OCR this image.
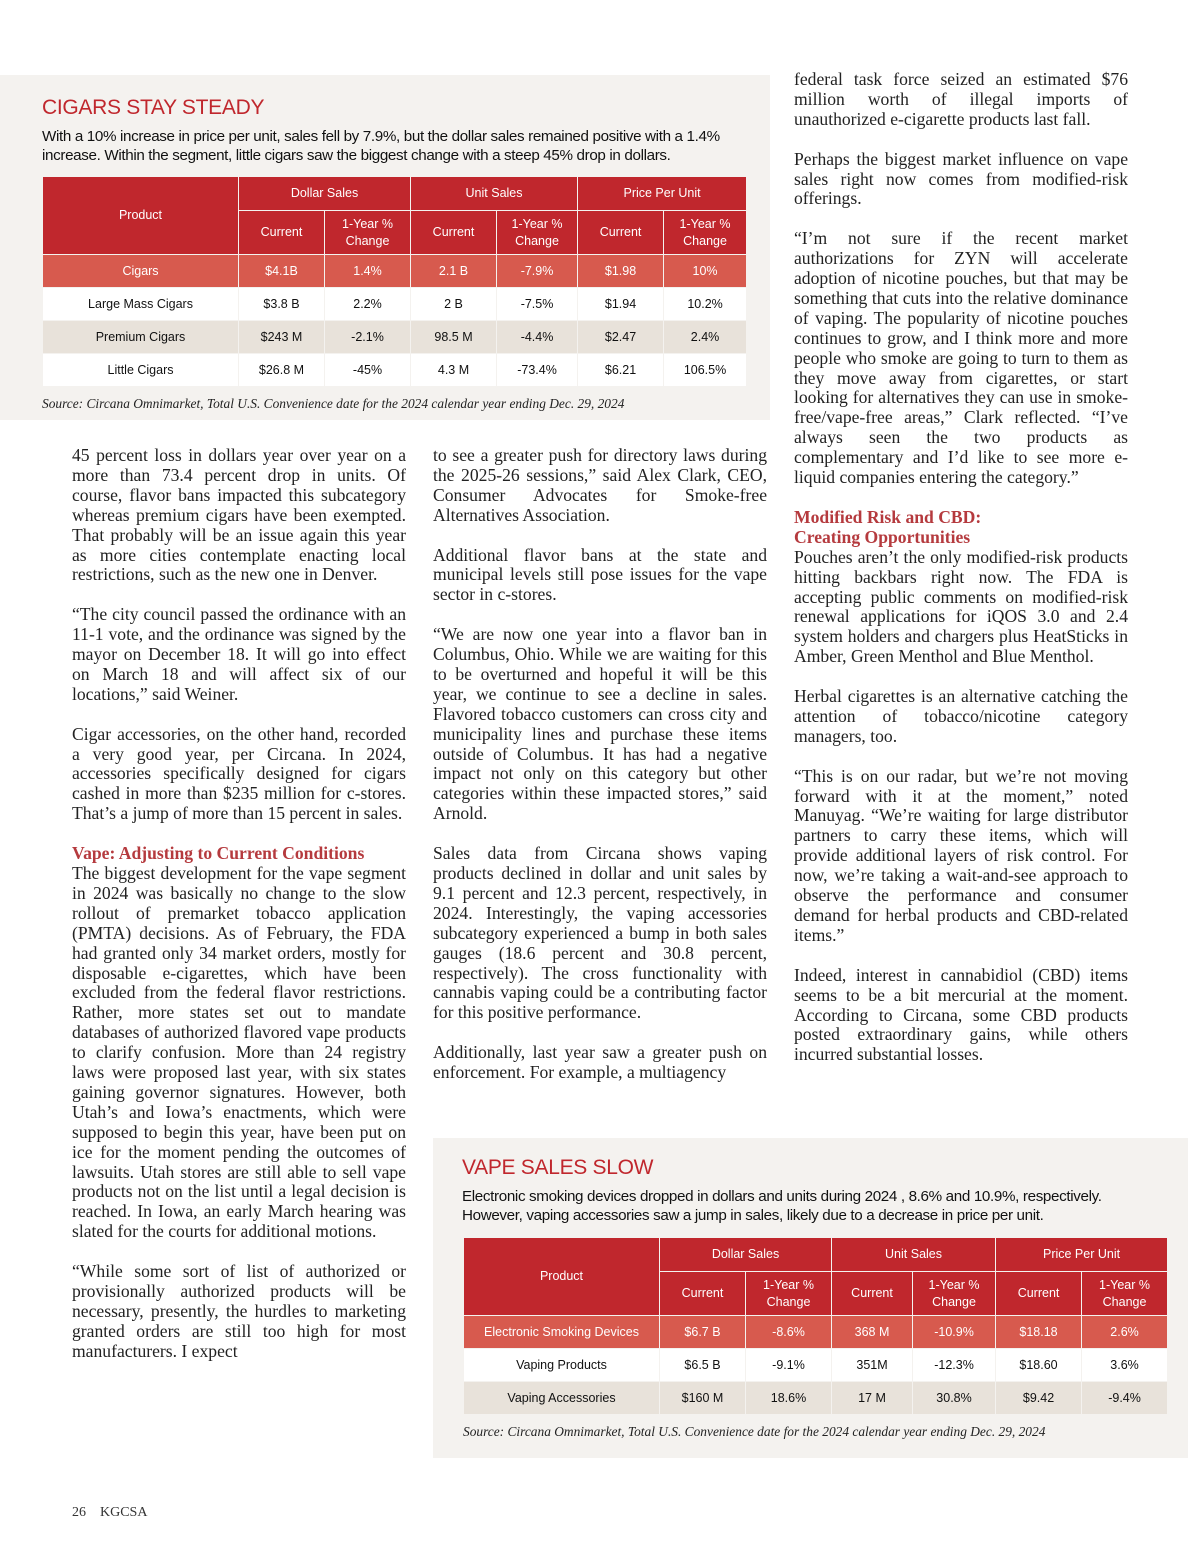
CIGARS STAY STEADY
With a 10% increase in price per unit, sales fell by 7.9%, but the dollar sales remained positive with a 1.4% increase. Within the segment, little cigars saw the biggest change with a steep 45% drop in dollars.
Product	Dollar Sales		Unit Sales		Price Per Unit	
	Current	1-Year % Change	Current	1-Year % Change	Current	1-Year % Change
Cigars	$4.1B	1.4%	2.1 B	-7.9%	$1.98	10%
Large Mass Cigars	$3.8 B	2.2%	2 B	-7.5%	$1.94	10.2%
Premium Cigars	$243 M	-2.1%	98.5 M	-4.4%	$2.47	2.4%
Little Cigars	$26.8 M	-45%	4.3 M	-73.4%	$6.21	106.5%
Source: Circana Omnimarket, Total U.S. Convenience date for the 2024 calendar year ending Dec. 29, 2024

45 percent loss in dollars year over year on a more than 73.4 percent drop in units. Of course, flavor bans impacted this subcategory whereas premium cigars have been exempted. That probably will be an issue again this year as more cities contemplate enacting local restrictions, such as the new one in Denver.

“The city council passed the ordinance with an 11-1 vote, and the ordinance was signed by the mayor on December 18. It will go into effect on March 18 and will affect six of our locations,” said Weiner.

Cigar accessories, on the other hand, recorded a very good year, per Circana. In 2024, accessories specifically designed for cigars cashed in more than $235 million for c-stores. That’s a jump of more than 15 percent in sales.

Vape: Adjusting to Current Conditions

The biggest development for the vape segment in 2024 was basically no change to the slow rollout of premarket tobacco application (PMTA) decisions. As of February, the FDA had granted only 34 market orders, mostly for disposable e-cigarettes, which have been excluded from the federal flavor restrictions. Rather, more states set out to mandate databases of authorized flavored vape products to clarify confusion. More than 24 registry laws were proposed last year, with six states gaining governor signatures. However, both Utah’s and Iowa’s enactments, which were supposed to begin this year, have been put on ice for the moment pending the outcomes of lawsuits. Utah stores are still able to sell vape products not on the list until a legal decision is reached. In Iowa, an early March hearing was slated for the courts for additional motions.

“While some sort of list of authorized or provisionally authorized products will be necessary, presently, the hurdles to marketing granted orders are still too high for most manufacturers. I expect

to see a greater push for directory laws during the 2025-26 sessions,” said Alex Clark, CEO, Consumer Advocates for Smoke-free Alternatives Association.

Additional flavor bans at the state and municipal levels still pose issues for the vape sector in c-stores.

“We are now one year into a flavor ban in Columbus, Ohio. While we are waiting for this to be overturned and hopeful it will be this year, we continue to see a decline in sales. Flavored tobacco customers can cross city and municipality lines and purchase these items outside of Columbus. It has had a negative impact not only on this category but other categories within these impacted stores,” said Arnold.

Sales data from Circana shows vaping products declined in dollar and unit sales by 9.1 percent and 12.3 percent, respectively, in 2024. Interestingly, the vaping accessories subcategory experienced a bump in both sales gauges (18.6 percent and 30.8 percent, respectively). The cross functionality with cannabis vaping could be a contributing factor for this positive performance.

Additionally, last year saw a greater push on enforcement. For example, a multiagency

federal task force seized an estimated $76 million worth of illegal imports of unauthorized e-cigarette products last fall.

Perhaps the biggest market influence on vape sales right now comes from modified-risk offerings.

“I’m not sure if the recent market authorizations for ZYN will accelerate adoption of nicotine pouches, but that may be something that cuts into the relative dominance of vaping. The popularity of nicotine pouches continues to grow, and I think more and more people who smoke are going to turn to them as they move away from cigarettes, or start looking for alternatives they can use in smoke-free/vape-free areas,” Clark reflected. “I’ve always seen the two products as complementary and I’d like to see more e-liquid companies entering the category.”

Modified Risk and CBD:
Creating Opportunities

Pouches aren’t the only modified-risk products hitting backbars right now. The FDA is accepting public comments on modified-risk renewal applications for iQOS 3.0 and 2.4 system holders and chargers plus HeatSticks in Amber, Green Menthol and Blue Menthol.

Herbal cigarettes is an alternative catching the attention of tobacco/nicotine category managers, too.

“This is on our radar, but we’re not moving forward with it at the moment,” noted Manuyag. “We’re waiting for large distributor partners to carry these items, which will provide additional layers of risk control. For now, we’re taking a wait-and-see approach to observe the performance and consumer demand for herbal products and CBD-related items.”

Indeed, interest in cannabidiol (CBD) items seems to be a bit mercurial at the moment. According to Circana, some CBD products posted extraordinary gains, while others incurred substantial losses.

VAPE SALES SLOW
Electronic smoking devices dropped in dollars and units during 2024 , 8.6% and 10.9%, respectively. However, vaping accessories saw a jump in sales, likely due to a decrease in price per unit.
Product	Dollar Sales		Unit Sales		Price Per Unit	
	Current	1-Year % Change	Current	1-Year % Change	Current	1-Year % Change
Electronic Smoking Devices	$6.7 B	-8.6%	368 M	-10.9%	$18.18	2.6%
Vaping Products	$6.5 B	-9.1%	351M	-12.3%	$18.60	3.6%
Vaping Accessories	$160 M	18.6%	17 M	30.8%	$9.42	-9.4%
Source: Circana Omnimarket, Total U.S. Convenience date for the 2024 calendar year ending Dec. 29, 2024
26 KGCSA
